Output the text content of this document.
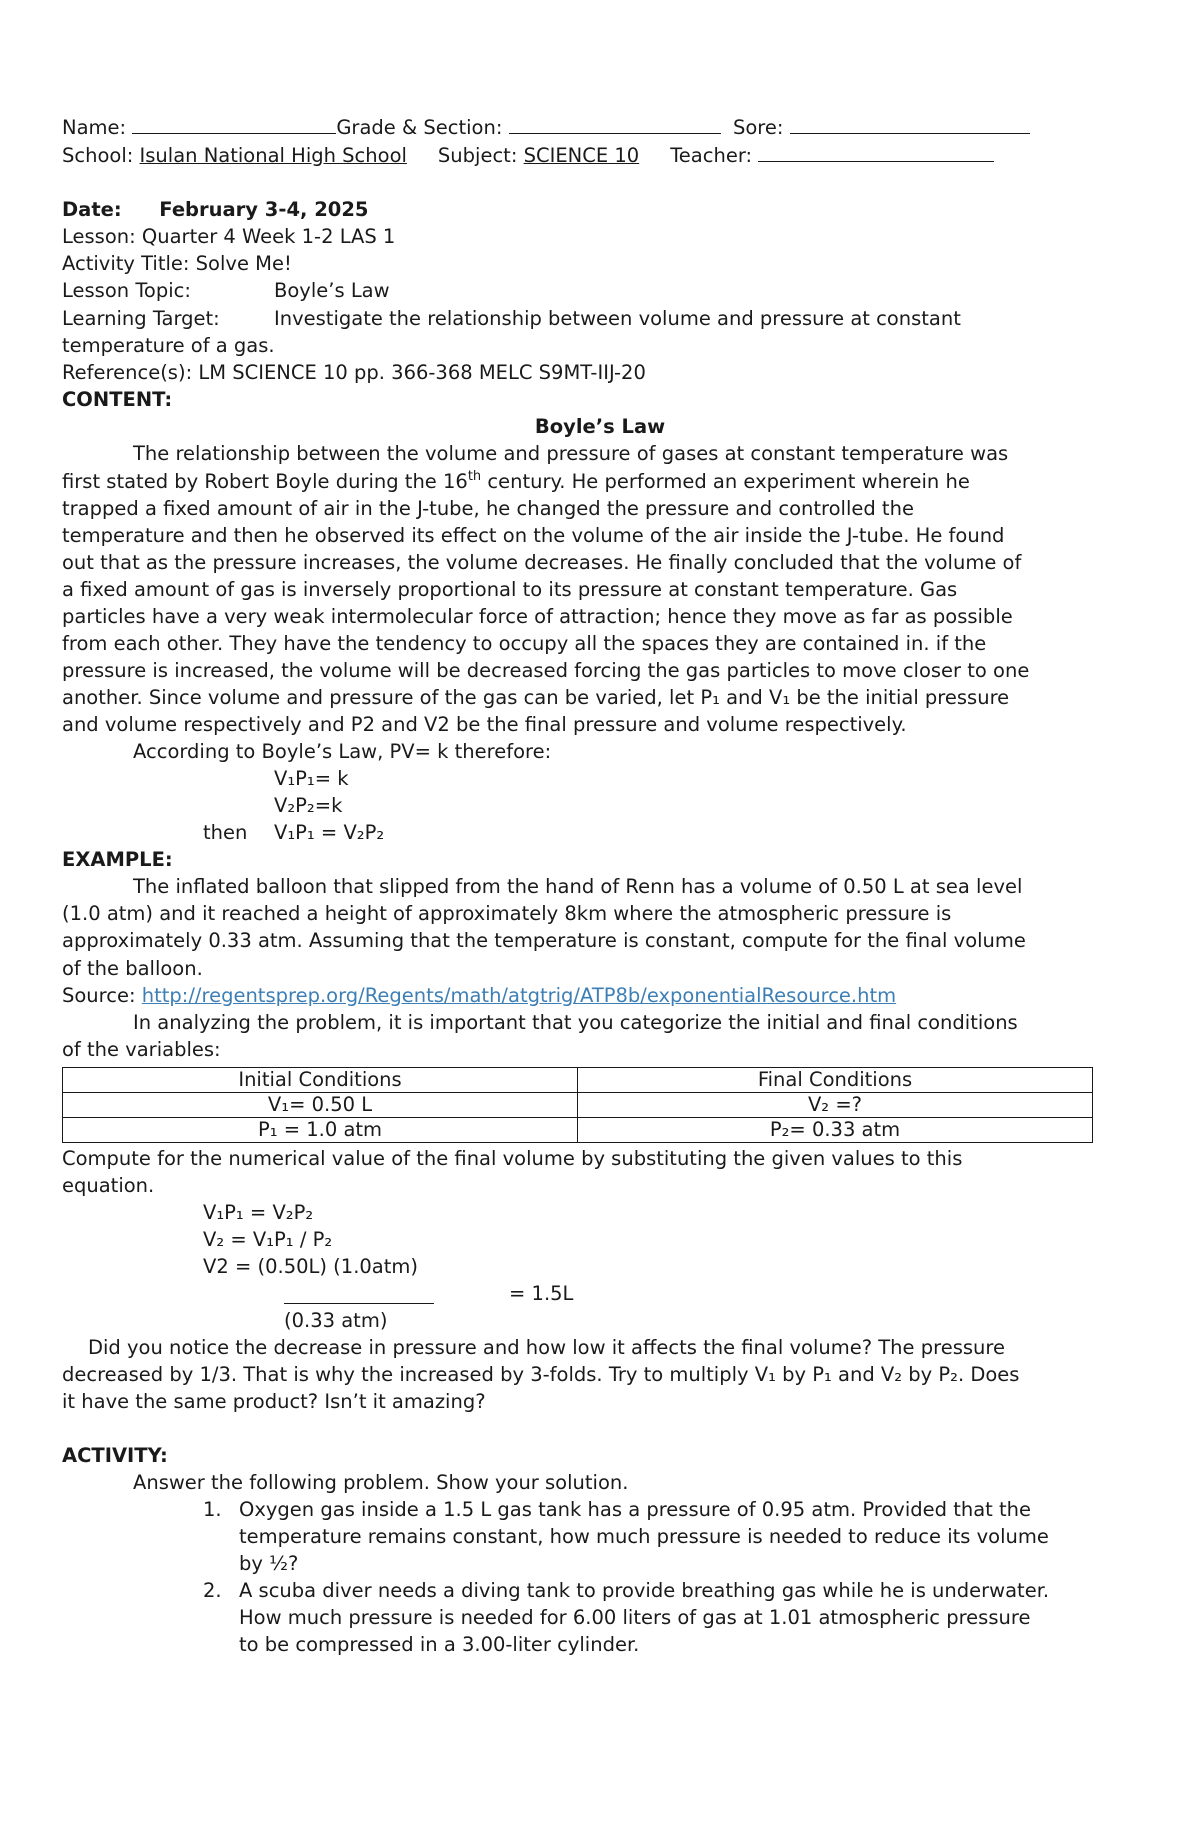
Name:	Grade & Section:	Sore:
School: Isulan National High School Subject: SCIENCE 10 Teacher:
Date: February 3-4, 2025
Lesson: Quarter 4 Week 1-2 LAS 1
Activity Title: Solve Me!
Lesson Topic:	Boyle’s Law
Learning Target:	Investigate the relationship between volume and pressure at constant
temperature of a gas.
Reference(s): LM SCIENCE 10 pp. 366-368 MELC S9MT-IIJ-20
CONTENT:
Boyle’s Law
The relationship between the volume and pressure of gases at constant temperature was
first stated by Robert Boyle during the 16th century. He performed an experiment wherein he
trapped a fixed amount of air in the J-tube, he changed the pressure and controlled the
temperature and then he observed its effect on the volume of the air inside the J-tube. He found
out that as the pressure increases, the volume decreases. He finally concluded that the volume of
a fixed amount of gas is inversely proportional to its pressure at constant temperature. Gas
particles have a very weak intermolecular force of attraction; hence they move as far as possible
from each other. They have the tendency to occupy all the spaces they are contained in. if the
pressure is increased, the volume will be decreased forcing the gas particles to move closer to one
another. Since volume and pressure of the gas can be varied, let P₁ and V₁ be the initial pressure
and volume respectively and P2 and V2 be the final pressure and volume respectively.
According to Boyle’s Law, PV= k therefore:
V₁P₁= k
V₂P₂=k
then V₁P₁ = V₂P₂
EXAMPLE:
The inflated balloon that slipped from the hand of Renn has a volume of 0.50 L at sea level
(1.0 atm) and it reached a height of approximately 8km where the atmospheric pressure is
approximately 0.33 atm. Assuming that the temperature is constant, compute for the final volume
of the balloon.
Source: http://regentsprep.org/Regents/math/atgtrig/ATP8b/exponentialResource.htm
In analyzing the problem, it is important that you categorize the initial and final conditions
of the variables:
Initial Conditions	Final Conditions
V₁= 0.50 L	V₂ =?
P₁ = 1.0 atm	P₂= 0.33 atm
Compute for the numerical value of the final volume by substituting the given values to this
equation.
V₁P₁ = V₂P₂
V₂ = V₁P₁ / P₂
V2 = (0.50L) (1.0atm)
= 1.5L
(0.33 atm)
Did you notice the decrease in pressure and how low it affects the final volume? The pressure
decreased by 1/3. That is why the increased by 3-folds. Try to multiply V₁ by P₁ and V₂ by P₂. Does
it have the same product? Isn’t it amazing?
ACTIVITY:
Answer the following problem. Show your solution.
1. Oxygen gas inside a 1.5 L gas tank has a pressure of 0.95 atm. Provided that the
temperature remains constant, how much pressure is needed to reduce its volume
by ½?
2. A scuba diver needs a diving tank to provide breathing gas while he is underwater.
How much pressure is needed for 6.00 liters of gas at 1.01 atmospheric pressure
to be compressed in a 3.00-liter cylinder.
